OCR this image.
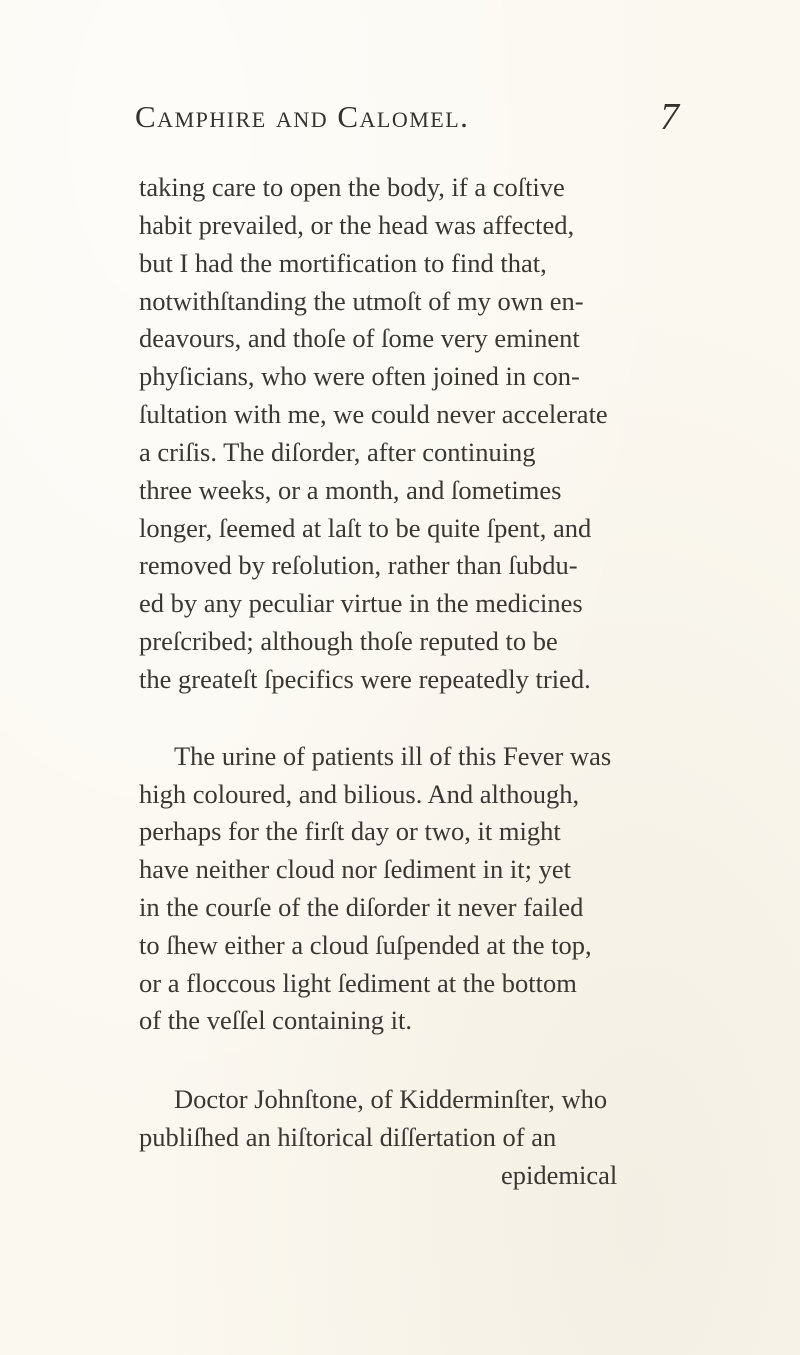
Camphire and Calomel.	7
taking care to open the body, if a coſtive
habit prevailed, or the head was affected,
but I had the mortification to find that,
notwithſtanding the utmoſt of my own en-
deavours, and thoſe of ſome very eminent
phyſicians, who were often joined in con-
ſultation with me, we could never accelerate
a criſis. The diſorder, after continuing
three weeks, or a month, and ſometimes
longer, ſeemed at laſt to be quite ſpent, and
removed by reſolution, rather than ſubdu-
ed by any peculiar virtue in the medicines
preſcribed; although thoſe reputed to be
the greateſt ſpecifics were repeatedly tried.
The urine of patients ill of this Fever was
high coloured, and bilious. And although,
perhaps for the firſt day or two, it might
have neither cloud nor ſediment in it; yet
in the courſe of the diſorder it never failed
to ſhew either a cloud ſuſpended at the top,
or a floccous light ſediment at the bottom
of the veſſel containing it.
Doctor Johnſtone, of Kidderminſter, who
publiſhed an hiſtorical diſſertation of an
epidemical
